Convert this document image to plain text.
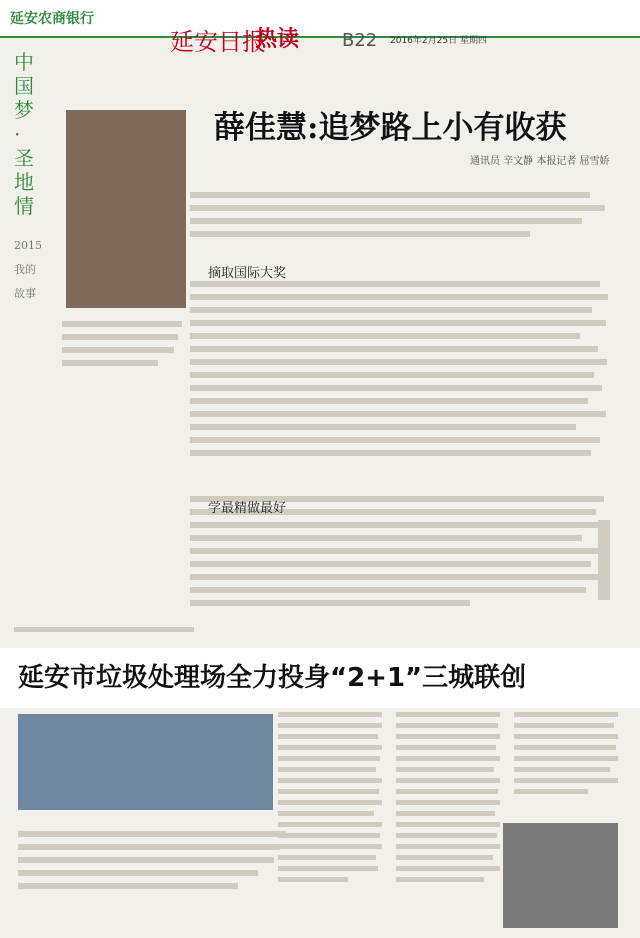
延安农商银行
延安日报
热读 B22 2016年2月25日 星期四
中
国
梦
·
圣
地
情
2015我的故事
薛佳慧:追梦路上小有收获
通讯员 辛文静 本报记者 屈雪娇
摘取国际大奖
学最精做最好
延安市垃圾处理场全力投身“2+1”三城联创
